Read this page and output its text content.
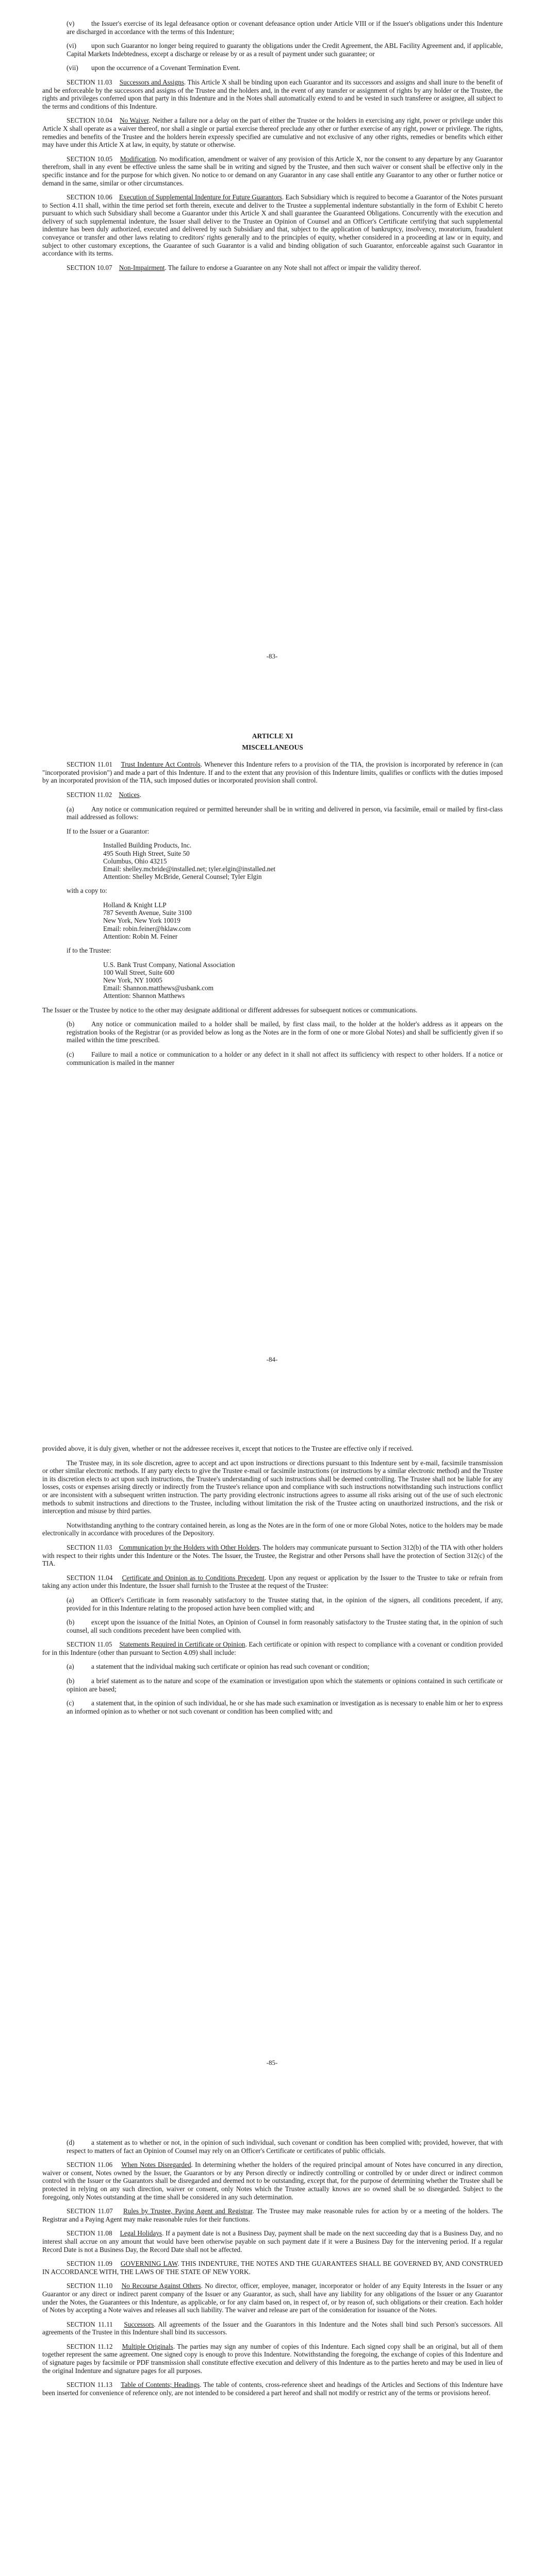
(v) the Issuer's exercise of its legal defeasance option or covenant defeasance option under Article VIII or if the Issuer's obligations under this Indenture are discharged in accordance with the terms of this Indenture;

(vi) upon such Guarantor no longer being required to guaranty the obligations under the Credit Agreement, the ABL Facility Agreement and, if applicable, Capital Markets Indebtedness, except a discharge or release by or as a result of payment under such guarantee; or

(vii) upon the occurrence of a Covenant Termination Event.

SECTION 11.03 Successors and Assigns. This Article X shall be binding upon each Guarantor and its successors and assigns and shall inure to the benefit of and be enforceable by the successors and assigns of the Trustee and the holders and, in the event of any transfer or assignment of rights by any holder or the Trustee, the rights and privileges conferred upon that party in this Indenture and in the Notes shall automatically extend to and be vested in such transferee or assignee, all subject to the terms and conditions of this Indenture.

SECTION 10.04 No Waiver. Neither a failure nor a delay on the part of either the Trustee or the holders in exercising any right, power or privilege under this Article X shall operate as a waiver thereof, nor shall a single or partial exercise thereof preclude any other or further exercise of any right, power or privilege. The rights, remedies and benefits of the Trustee and the holders herein expressly specified are cumulative and not exclusive of any other rights, remedies or benefits which either may have under this Article X at law, in equity, by statute or otherwise.

SECTION 10.05 Modification. No modification, amendment or waiver of any provision of this Article X, nor the consent to any departure by any Guarantor therefrom, shall in any event be effective unless the same shall be in writing and signed by the Trustee, and then such waiver or consent shall be effective only in the specific instance and for the purpose for which given. No notice to or demand on any Guarantor in any case shall entitle any Guarantor to any other or further notice or demand in the same, similar or other circumstances.

SECTION 10.06 Execution of Supplemental Indenture for Future Guarantors. Each Subsidiary which is required to become a Guarantor of the Notes pursuant to Section 4.11 shall, within the time period set forth therein, execute and deliver to the Trustee a supplemental indenture substantially in the form of Exhibit C hereto pursuant to which such Subsidiary shall become a Guarantor under this Article X and shall guarantee the Guaranteed Obligations. Concurrently with the execution and delivery of such supplemental indenture, the Issuer shall deliver to the Trustee an Opinion of Counsel and an Officer's Certificate certifying that such supplemental indenture has been duly authorized, executed and delivered by such Subsidiary and that, subject to the application of bankruptcy, insolvency, moratorium, fraudulent conveyance or transfer and other laws relating to creditors' rights generally and to the principles of equity, whether considered in a proceeding at law or in equity, and subject to other customary exceptions, the Guarantee of such Guarantor is a valid and binding obligation of such Guarantor, enforceable against such Guarantor in accordance with its terms.

SECTION 10.07 Non-Impairment. The failure to endorse a Guarantee on any Note shall not affect or impair the validity thereof.

-83-
ARTICLE XI
MISCELLANEOUS

SECTION 11.01 Trust Indenture Act Controls. Whenever this Indenture refers to a provision of the TIA, the provision is incorporated by reference in (can "incorporated provision") and made a part of this Indenture. If and to the extent that any provision of this Indenture limits, qualifies or conflicts with the duties imposed by an incorporated provision of the TIA, such imposed duties or incorporated provision shall control.

SECTION 11.02 Notices.

(a)	Any notice or communication required or permitted hereunder shall be in writing and delivered in person, via facsimile, email or mailed by first-class mail addressed as follows:

If to the Issuer or a Guarantor:

Installed Building Products, Inc.
495 South High Street, Suite 50
Columbus, Ohio 43215
Email: shelley.mcbride@installed.net; tyler.elgin@installed.net
Attention: Shelley McBride, General Counsel; Tyler Elgin

with a copy to:

Holland & Knight LLP
787 Seventh Avenue, Suite 3100
New York, New York 10019
Email: robin.feiner@hklaw.com
Attention: Robin M. Feiner

if to the Trustee:

U.S. Bank Trust Company, National Association
100 Wall Street, Suite 600
New York, NY 10005
Email: Shannon.matthews@usbank.com
Attention: Shannon Matthews

The Issuer or the Trustee by notice to the other may designate additional or different addresses for subsequent notices or communications.

(b) Any notice or communication mailed to a holder shall be mailed, by first class mail, to the holder at the holder's address as it appears on the registration books of the Registrar (or as provided below as long as the Notes are in the form of one or more Global Notes) and shall be sufficiently given if so mailed within the time prescribed.

(c)	Failure to mail a notice or communication to a holder or any defect in it shall not affect its sufficiency with respect to other holders. If a notice or communication is mailed in the manner

-84-

provided above, it is duly given, whether or not the addressee receives it, except that notices to the Trustee are effective only if received.

The Trustee may, in its sole discretion, agree to accept and act upon instructions or directions pursuant to this Indenture sent by e-mail, facsimile transmission or other similar electronic methods. If any party elects to give the Trustee e-mail or facsimile instructions (or instructions by a similar electronic method) and the Trustee in its discretion elects to act upon such instructions, the Trustee's understanding of such instructions shall be deemed controlling. The Trustee shall not be liable for any losses, costs or expenses arising directly or indirectly from the Trustee's reliance upon and compliance with such instructions notwithstanding such instructions conflict or are inconsistent with a subsequent written instruction. The party providing electronic instructions agrees to assume all risks arising out of the use of such electronic methods to submit instructions and directions to the Trustee, including without limitation the risk of the Trustee acting on unauthorized instructions, and the risk or interception and misuse by third parties.

Notwithstanding anything to the contrary contained herein, as long as the Notes are in the form of one or more Global Notes, notice to the holders may be made electronically in accordance with procedures of the Depository.

SECTION 11.03 Communication by the Holders with Other Holders. The holders may communicate pursuant to Section 312(b) of the TIA with other holders with respect to their rights under this Indenture or the Notes. The Issuer, the Trustee, the Registrar and other Persons shall have the protection of Section 312(c) of the TIA.

SECTION 11.04 Certificate and Opinion as to Conditions Precedent. Upon any request or application by the Issuer to the Trustee to take or refrain from taking any action under this Indenture, the Issuer shall furnish to the Trustee at the request of the Trustee:

(a)	an Officer's Certificate in form reasonably satisfactory to the Trustee stating that, in the opinion of the signers, all conditions precedent, if any, provided for in this Indenture relating to the proposed action have been complied with; and

(b) except upon the issuance of the Initial Notes, an Opinion of Counsel in form reasonably satisfactory to the Trustee stating that, in the opinion of such counsel, all such conditions precedent have been complied with.

SECTION 11.05 Statements Required in Certificate or Opinion. Each certificate or opinion with respect to compliance with a covenant or condition provided for in this Indenture (other than pursuant to Section 4.09) shall include:

(a)	a statement that the individual making such certificate or opinion has read such covenant or condition;

(b) a brief statement as to the nature and scope of the examination or investigation upon which the statements or opinions contained in such certificate or opinion are based;

(c)	a statement that, in the opinion of such individual, he or she has made such examination or investigation as is necessary to enable him or her to express an informed opinion as to whether or not such covenant or condition has been complied with; and

-85-

(d) a statement as to whether or not, in the opinion of such individual, such covenant or condition has been complied with; provided, however, that with respect to matters of fact an Opinion of Counsel may rely on an Officer's Certificate or certificates of public officials.

SECTION 11.06 When Notes Disregarded. In determining whether the holders of the required principal amount of Notes have concurred in any direction, waiver or consent, Notes owned by the Issuer, the Guarantors or by any Person directly or indirectly controlling or controlled by or under direct or indirect common control with the Issuer or the Guarantors shall be disregarded and deemed not to be outstanding, except that, for the purpose of determining whether the Trustee shall be protected in relying on any such direction, waiver or consent, only Notes which the Trustee actually knows are so owned shall be so disregarded. Subject to the foregoing, only Notes outstanding at the time shall be considered in any such determination.

SECTION 11.07 Rules by Trustee, Paying Agent and Registrar. The Trustee may make reasonable rules for action by or a meeting of the holders. The Registrar and a Paying Agent may make reasonable rules for their functions.

SECTION 11.08 Legal Holidays. If a payment date is not a Business Day, payment shall be made on the next succeeding day that is a Business Day, and no interest shall accrue on any amount that would have been otherwise payable on such payment date if it were a Business Day for the intervening period. If a regular Record Date is not a Business Day, the Record Date shall not be affected.

SECTION 11.09 GOVERNING LAW. THIS INDENTURE, THE NOTES AND THE GUARANTEES SHALL BE GOVERNED BY, AND CONSTRUED IN ACCORDANCE WITH, THE LAWS OF THE STATE OF NEW YORK.

SECTION 11.10 No Recourse Against Others. No director, officer, employee, manager, incorporator or holder of any Equity Interests in the Issuer or any Guarantor or any direct or indirect parent company of the Issuer or any Guarantor, as such, shall have any liability for any obligations of the Issuer or any Guarantor under the Notes, the Guarantees or this Indenture, as applicable, or for any claim based on, in respect of, or by reason of, such obligations or their creation. Each holder of Notes by accepting a Note waives and releases all such liability. The waiver and release are part of the consideration for issuance of the Notes.

SECTION 11.11 Successors. All agreements of the Issuer and the Guarantors in this Indenture and the Notes shall bind such Person's successors. All agreements of the Trustee in this Indenture shall bind its successors.

SECTION 11.12 Multiple Originals. The parties may sign any number of copies of this Indenture. Each signed copy shall be an original, but all of them together represent the same agreement. One signed copy is enough to prove this Indenture. Notwithstanding the foregoing, the exchange of copies of this Indenture and of signature pages by facsimile or PDF transmission shall constitute effective execution and delivery of this Indenture as to the parties hereto and may be used in lieu of the original Indenture and signature pages for all purposes.

SECTION 11.13 Table of Contents; Headings. The table of contents, cross-reference sheet and headings of the Articles and Sections of this Indenture have been inserted for convenience of reference only, are not intended to be considered a part hereof and shall not modify or restrict any of the terms or provisions hereof.
